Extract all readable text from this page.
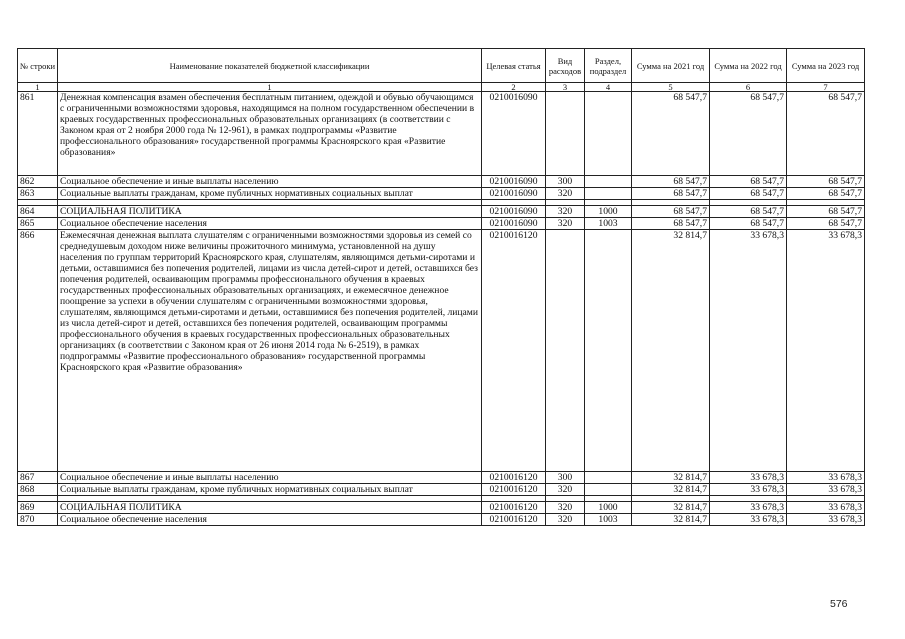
№ строки	Наименование показателей бюджетной классификации	Целевая статья	Вид расходов	Раздел, подраздел	Сумма на 2021 год	Сумма на 2022 год	Сумма на 2023 год
1	1	2	3	4	5	6	7
861	Денежная компенсация взамен обеспечения бесплатным питанием, одеждой и обувью обучающимся с ограниченными возможностями здоровья, находящимся на полном государственном обеспечении в краевых государственных профессиональных образовательных организациях (в соответствии с Законом края от 2 ноября 2000 года № 12-961), в рамках подпрограммы «Развитие профессионального образования» государственной программы Красноярского края «Развитие образования»	0210016090			68 547,7	68 547,7	68 547,7
862	Социальное обеспечение и иные выплаты населению	0210016090	300		68 547,7	68 547,7	68 547,7
863	Социальные выплаты гражданам, кроме публичных нормативных социальных выплат	0210016090	320		68 547,7	68 547,7	68 547,7

864	СОЦИАЛЬНАЯ ПОЛИТИКА	0210016090	320	1000	68 547,7	68 547,7	68 547,7
865	Социальное обеспечение населения	0210016090	320	1003	68 547,7	68 547,7	68 547,7
866	Ежемесячная денежная выплата слушателям с ограниченными возможностями здоровья из семей со среднедушевым доходом ниже величины прожиточного минимума, установленной на душу населения по группам территорий Красноярского края, слушателям, являющимся детьми-сиротами и детьми, оставшимися без попечения родителей, лицами из числа детей-сирот и детей, оставшихся без попечения родителей, осваивающим программы профессионального обучения в краевых государственных профессиональных образовательных организациях, и ежемесячное денежное поощрение за успехи в обучении слушателям с ограниченными возможностями здоровья, слушателям, являющимся детьми-сиротами и детьми, оставшимися без попечения родителей, лицами из числа детей-сирот и детей, оставшихся без попечения родителей, осваивающим программы профессионального обучения в краевых государственных профессиональных образовательных организациях (в соответствии с Законом края от 26 июня 2014 года № 6-2519), в рамках подпрограммы «Развитие профессионального образования» государственной программы Красноярского края «Развитие образования»	0210016120			32 814,7	33 678,3	33 678,3
867	Социальное обеспечение и иные выплаты населению	0210016120	300		32 814,7	33 678,3	33 678,3
868	Социальные выплаты гражданам, кроме публичных нормативных социальных выплат	0210016120	320		32 814,7	33 678,3	33 678,3

869	СОЦИАЛЬНАЯ ПОЛИТИКА	0210016120	320	1000	32 814,7	33 678,3	33 678,3
870	Социальное обеспечение населения	0210016120	320	1003	32 814,7	33 678,3	33 678,3
576
